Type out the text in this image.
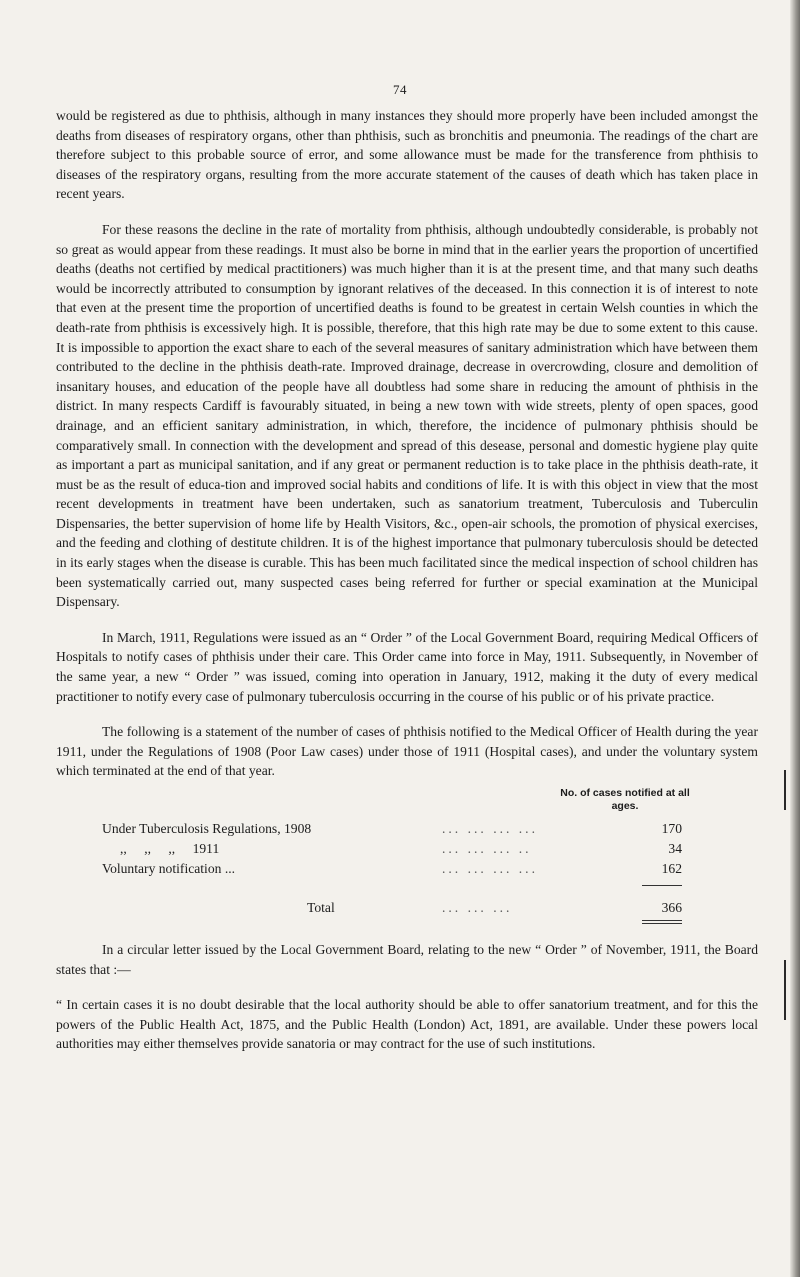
74

would be registered as due to phthisis, although in many instances they should more properly have been included amongst the deaths from diseases of respiratory organs, other than phthisis, such as bronchitis and pneumonia. The readings of the chart are therefore subject to this probable source of error, and some allowance must be made for the transference from phthisis to diseases of the respiratory organs, resulting from the more accurate statement of the causes of death which has taken place in recent years.

For these reasons the decline in the rate of mortality from phthisis, although undoubtedly considerable, is probably not so great as would appear from these readings. It must also be borne in mind that in the earlier years the proportion of uncertified deaths (deaths not certified by medical practitioners) was much higher than it is at the present time, and that many such deaths would be incorrectly attributed to consumption by ignorant relatives of the deceased. In this connection it is of interest to note that even at the present time the proportion of uncertified deaths is found to be greatest in certain Welsh counties in which the death-rate from phthisis is excessively high. It is possible, therefore, that this high rate may be due to some extent to this cause. It is impossible to apportion the exact share to each of the several measures of sanitary administration which have between them contributed to the decline in the phthisis death-rate. Improved drainage, decrease in overcrowding, closure and demolition of insanitary houses, and education of the people have all doubtless had some share in reducing the amount of phthisis in the district. In many respects Cardiff is favourably situated, in being a new town with wide streets, plenty of open spaces, good drainage, and an efficient sanitary administration, in which, therefore, the incidence of pulmonary phthisis should be comparatively small. In connection with the development and spread of this desease, personal and domestic hygiene play quite as important a part as municipal sanitation, and if any great or permanent reduction is to take place in the phthisis death-rate, it must be as the result of educa-tion and improved social habits and conditions of life. It is with this object in view that the most recent developments in treatment have been undertaken, such as sanatorium treatment, Tuberculosis and Tuberculin Dispensaries, the better supervision of home life by Health Visitors, &c., open-air schools, the promotion of physical exercises, and the feeding and clothing of destitute children. It is of the highest importance that pulmonary tuberculosis should be detected in its early stages when the disease is curable. This has been much facilitated since the medical inspection of school children has been systematically carried out, many suspected cases being referred for further or special examination at the Municipal Dispensary.

In March, 1911, Regulations were issued as an “ Order ” of the Local Government Board, requiring Medical Officers of Hospitals to notify cases of phthisis under their care. This Order came into force in May, 1911. Subsequently, in November of the same year, a new “ Order ” was issued, coming into operation in January, 1912, making it the duty of every medical practitioner to notify every case of pulmonary tuberculosis occurring in the course of his public or of his private practice.

The following is a statement of the number of cases of phthisis notified to the Medical Officer of Health during the year 1911, under the Regulations of 1908 (Poor Law cases) under those of 1911 (Hospital cases), and under the voluntary system which terminated at the end of that year.

No. of cases notified at all ages.
Under Tuberculosis Regulations, 1908	... ... ... ...	170
,, ,, ,, 1911	... ... ... ..	34
Voluntary notification ...	... ... ... ...	162
Total	... ... ...	366

In a circular letter issued by the Local Government Board, relating to the new “ Order ” of November, 1911, the Board states that :—

“ In certain cases it is no doubt desirable that the local authority should be able to offer sanatorium treatment, and for this the powers of the Public Health Act, 1875, and the Public Health (London) Act, 1891, are available. Under these powers local authorities may either themselves provide sanatoria or may contract for the use of such institutions.
